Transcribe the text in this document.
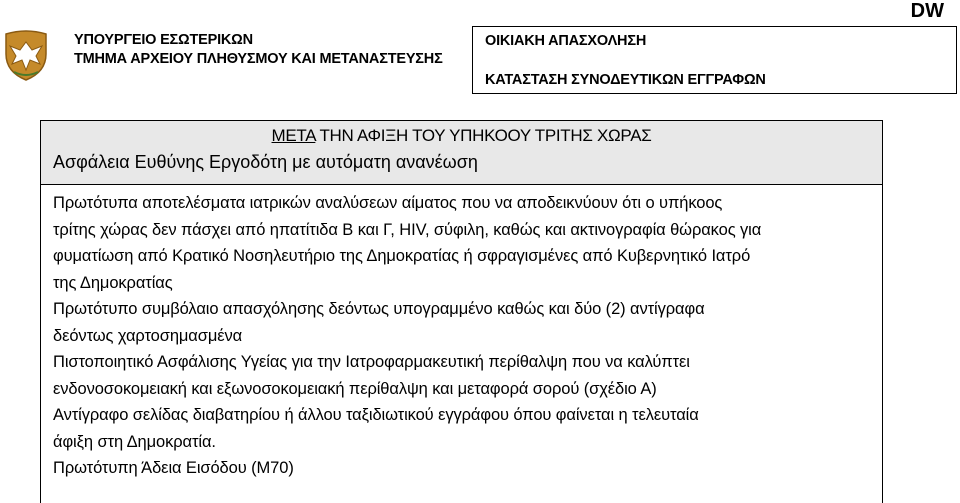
DW
ΥΠΟΥΡΓΕΙΟ ΕΣΩΤΕΡΙΚΩΝ
ΤΜΗΜΑ ΑΡΧΕΙΟΥ ΠΛΗΘΥΣΜΟΥ ΚΑΙ ΜΕΤΑΝΑΣΤΕΥΣΗΣ
ΟΙΚΙΑΚΗ ΑΠΑΣΧΟΛΗΣΗ
ΚΑΤΑΣΤΑΣΗ ΣΥΝΟΔΕΥΤΙΚΩΝ ΕΓΓΡΑΦΩΝ
ΜΕΤΑ ΤΗΝ ΑΦΙΞΗ ΤΟΥ ΥΠΗΚΟΟΥ ΤΡΙΤΗΣ ΧΩΡΑΣ
Ασφάλεια Ευθύνης Εργοδότη με αυτόματη ανανέωση

Πρωτότυπα αποτελέσματα ιατρικών αναλύσεων αίματος που να αποδεικνύουν ότι ο υπήκοος

τρίτης χώρας δεν πάσχει από ηπατίτιδα Β και Γ, HIV, σύφιλη, καθώς και ακτινογραφία θώρακος για

φυματίωση από Κρατικό Νοσηλευτήριο της Δημοκρατίας ή σφραγισμένες από Κυβερνητικό Ιατρό

της Δημοκρατίας

Πρωτότυπο συμβόλαιο απασχόλησης δεόντως υπογραμμένο καθώς και δύο (2) αντίγραφα

δεόντως χαρτοσημασμένα

Πιστοποιητικό Ασφάλισης Υγείας για την Ιατροφαρμακευτική περίθαλψη που να καλύπτει

ενδονοσοκομειακή και εξωνοσοκομειακή περίθαλψη και μεταφορά σορού (σχέδιο Α)

Αντίγραφο σελίδας διαβατηρίου ή άλλου ταξιδιωτικού εγγράφου όπου φαίνεται η τελευταία

άφιξη στη Δημοκρατία.

Πρωτότυπη Άδεια Εισόδου (Μ70)
